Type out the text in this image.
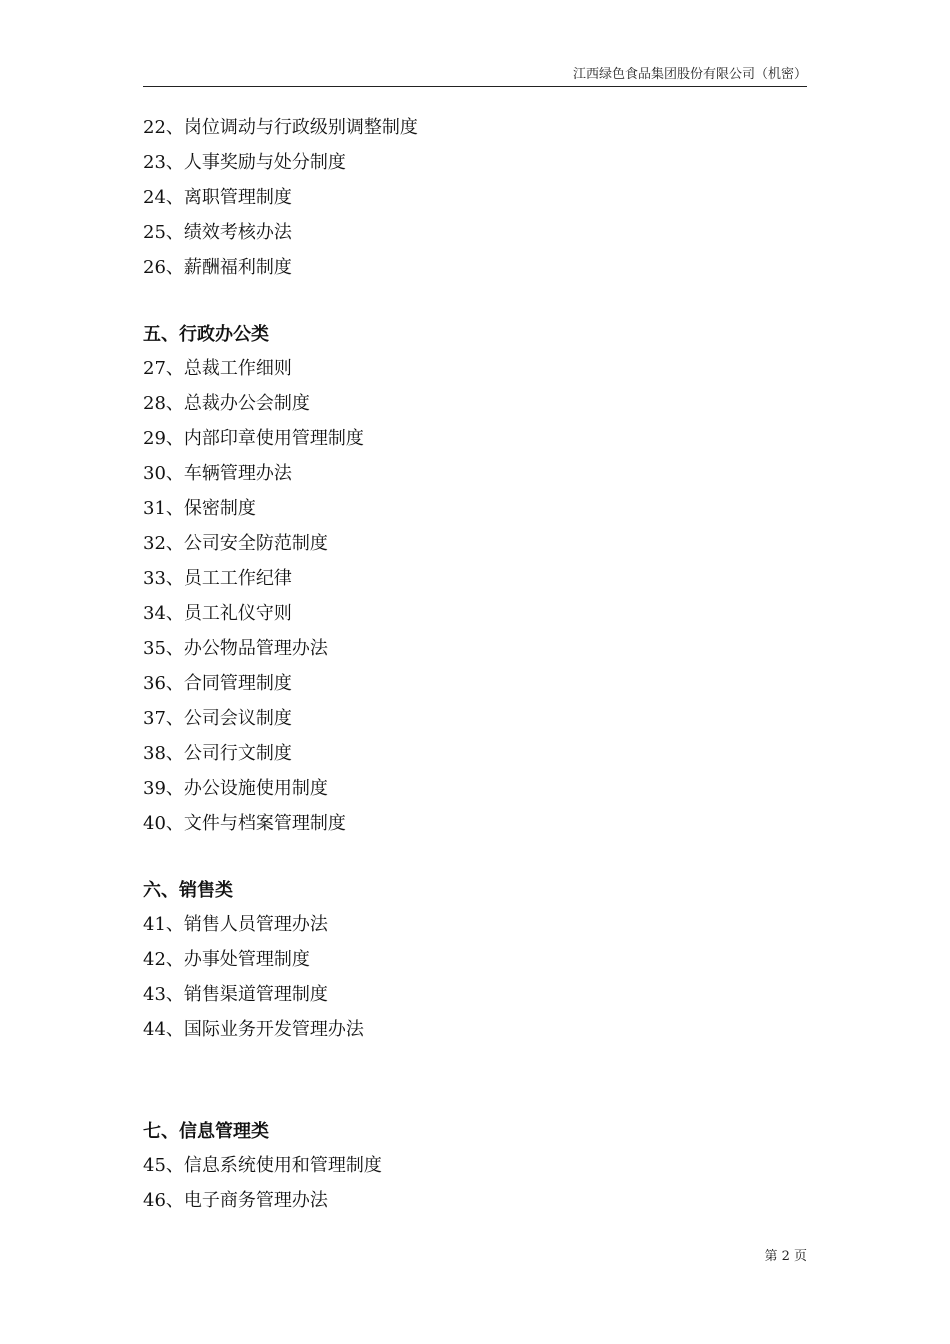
江西绿色食品集团股份有限公司（机密）

22、岗位调动与行政级别调整制度

23、人事奖励与处分制度

24、离职管理制度

25、绩效考核办法

26、薪酬福利制度

五、行政办公类

27、总裁工作细则

28、总裁办公会制度

29、内部印章使用管理制度

30、车辆管理办法

31、保密制度

32、公司安全防范制度

33、员工工作纪律

34、员工礼仪守则

35、办公物品管理办法

36、合同管理制度

37、公司会议制度

38、公司行文制度

39、办公设施使用制度

40、文件与档案管理制度

六、销售类

41、销售人员管理办法

42、办事处管理制度

43、销售渠道管理制度

44、国际业务开发管理办法

七、信息管理类

45、信息系统使用和管理制度

46、电子商务管理办法

第 2 页
